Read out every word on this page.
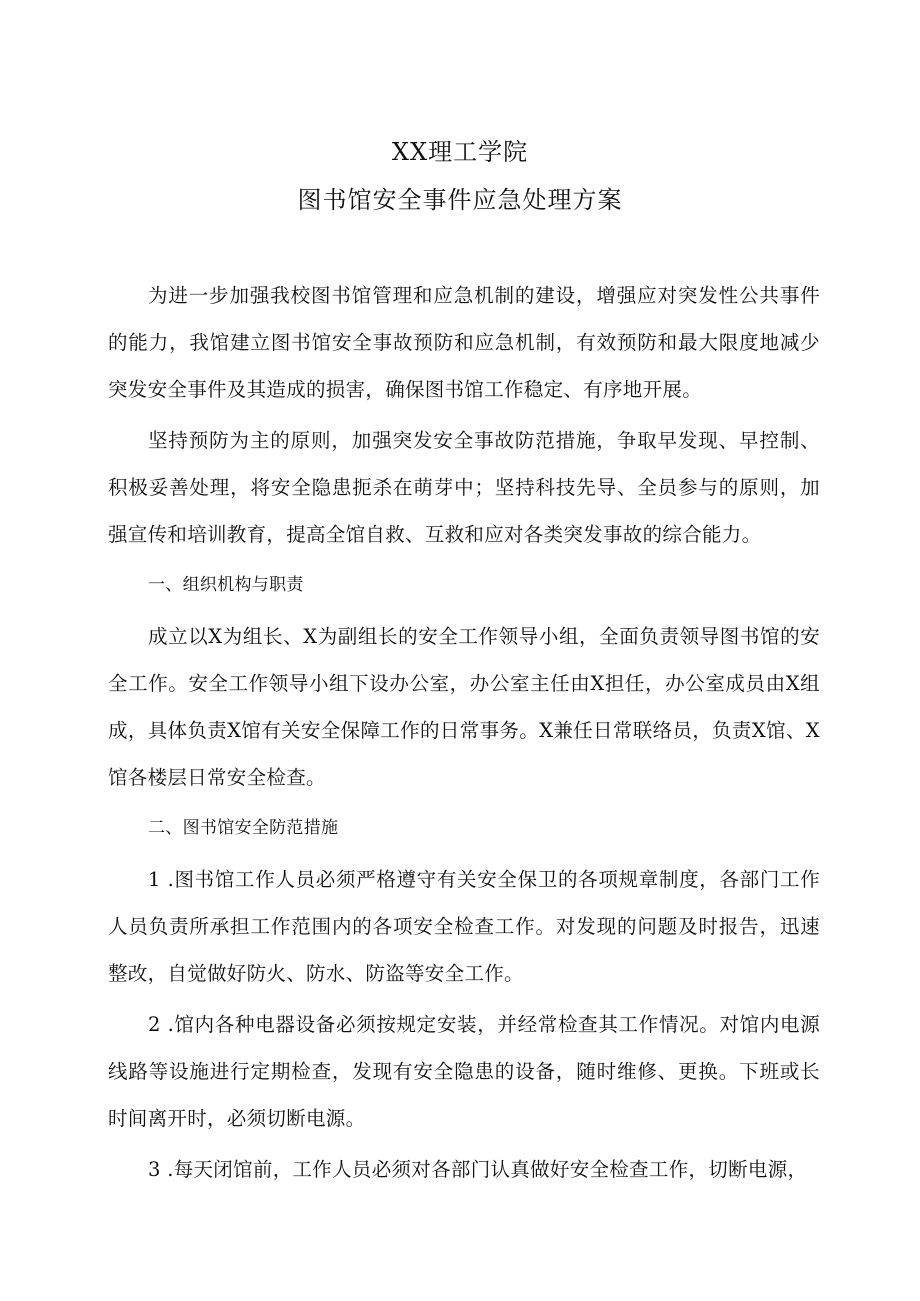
XX理工学院
图书馆安全事件应急处理方案

为进一步加强我校图书馆管理和应急机制的建设，增强应对突发性公共事件的能力，我馆建立图书馆安全事故预防和应急机制，有效预防和最大限度地减少突发安全事件及其造成的损害，确保图书馆工作稳定、有序地开展。

坚持预防为主的原则，加强突发安全事故防范措施，争取早发现、早控制、积极妥善处理，将安全隐患扼杀在萌芽中；坚持科技先导、全员参与的原则，加强宣传和培训教育，提高全馆自救、互救和应对各类突发事故的综合能力。

一、组织机构与职责

成立以X为组长、X为副组长的安全工作领导小组，全面负责领导图书馆的安全工作。安全工作领导小组下设办公室，办公室主任由X担任，办公室成员由X组成，具体负责X馆有关安全保障工作的日常事务。X兼任日常联络员，负责X馆、X馆各楼层日常安全检查。

二、图书馆安全防范措施

1 .图书馆工作人员必须严格遵守有关安全保卫的各项规章制度，各部门工作人员负责所承担工作范围内的各项安全检查工作。对发现的问题及时报告，迅速整改，自觉做好防火、防水、防盗等安全工作。

2 .馆内各种电器设备必须按规定安装，并经常检查其工作情况。对馆内电源线路等设施进行定期检查，发现有安全隐患的设备，随时维修、更换。下班或长时间离开时，必须切断电源。

3 .每天闭馆前，工作人员必须对各部门认真做好安全检查工作，切断电源，
